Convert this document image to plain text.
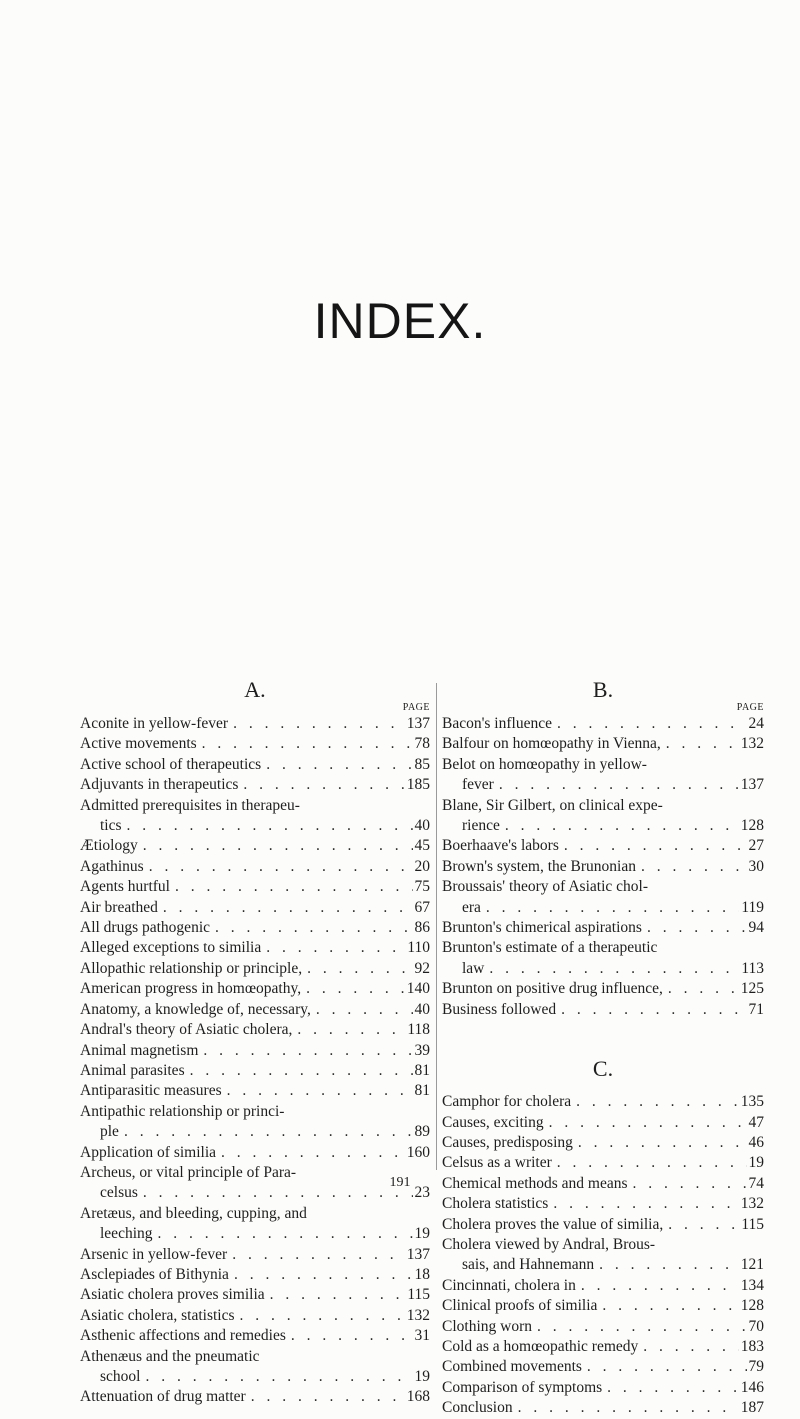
INDEX.
A.
PAGE
Aconite in yellow-fever . . .	137
Active movements . . .	78
Active school of therapeutics . . .	85
Adjuvants in therapeutics . . .	185
Admitted prerequisites in therapeu-
tics . . .	40
Ætiology . . .	45
Agathinus . . .	20
Agents hurtful . . .	75
Air breathed . . .	67
All drugs pathogenic . . .	86
Alleged exceptions to similia . . .	110
Allopathic relationship or principle, . . .	92
American progress in homœopathy, . . .	140
Anatomy, a knowledge of, necessary, . . .	40
Andral's theory of Asiatic cholera, . . .	118
Animal magnetism . . .	39
Animal parasites . . .	81
Antiparasitic measures . . .	81
Antipathic relationship or princi-
ple . . .	89
Application of similia . . .	160
Archeus, or vital principle of Para-
celsus . . .	23
Aretæus, and bleeding, cupping, and
leeching . . .	19
Arsenic in yellow-fever . . .	137
Asclepiades of Bithynia . . .	18
Asiatic cholera proves similia . . .	115
Asiatic cholera, statistics . . .	132
Asthenic affections and remedies . . .	31
Athenæus and the pneumatic
school . . .	19
Attenuation of drug matter . . .	168
B.
PAGE
Bacon's influence . . .	24
Balfour on homœopathy in Vienna, . . .	132
Belot on homœopathy in yellow-
fever . . .	137
Blane, Sir Gilbert, on clinical expe-
rience . . .	128
Boerhaave's labors . . .	27
Brown's system, the Brunonian . . .	30
Broussais' theory of Asiatic chol-
era . . .	119
Brunton's chimerical aspirations . . .	94
Brunton's estimate of a therapeutic
law . . .	113
Brunton on positive drug influence, . . .	125
Business followed . . .	71
C.
Camphor for cholera . . .	135
Causes, exciting . . .	47
Causes, predisposing . . .	46
Celsus as a writer . . .	19
Chemical methods and means . . .	74
Cholera statistics . . .	132
Cholera proves the value of similia, . . .	115
Cholera viewed by Andral, Brous-
sais, and Hahnemann . . .	121
Cincinnati, cholera in . . .	134
Clinical proofs of similia . . .	128
Clothing worn . . .	70
Cold as a homœopathic remedy . . .	183
Combined movements . . .	79
Comparison of symptoms . . .	146
Conclusion . . .	187
191
